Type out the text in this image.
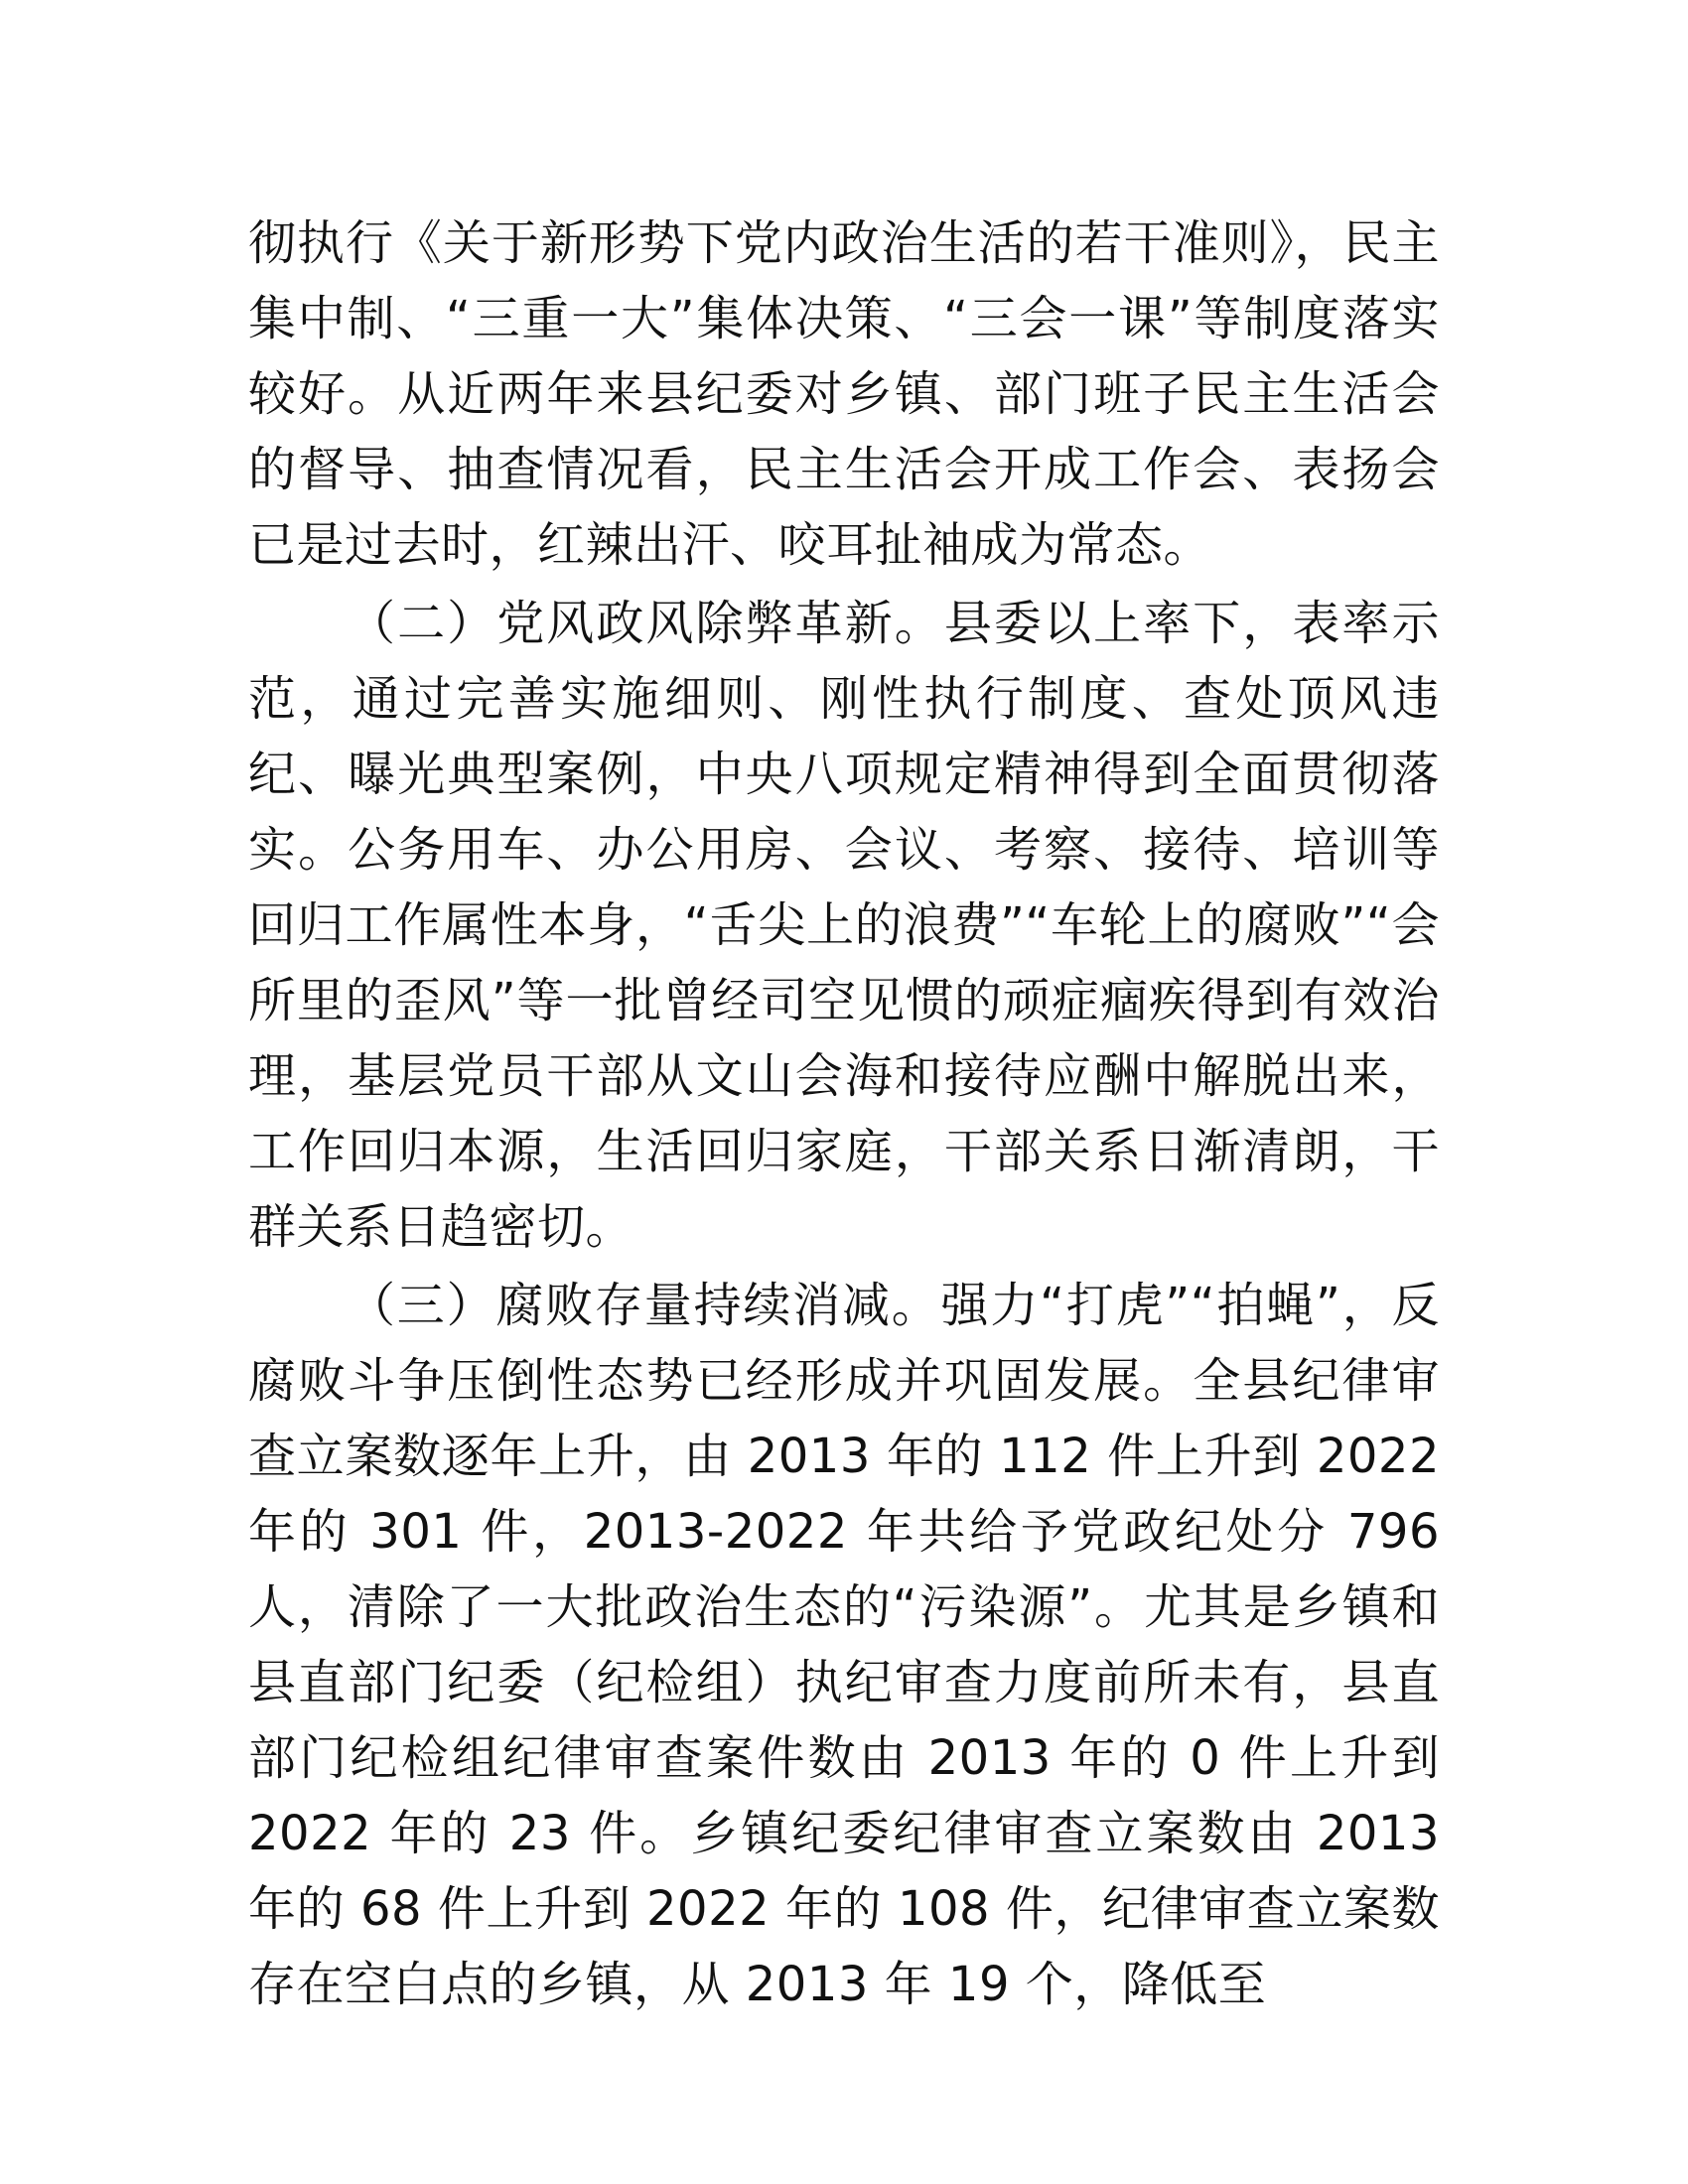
彻执行《关于新形势下党内政治生活的若干准则》，民主集中制、“三重一大”集体决策、“三会一课”等制度落实较好。从近两年来县纪委对乡镇、部门班子民主生活会的督导、抽查情况看，民主生活会开成工作会、表扬会已是过去时，红辣出汗、咬耳扯袖成为常态。

（二）党风政风除弊革新。县委以上率下，表率示范，通过完善实施细则、刚性执行制度、查处顶风违纪、曝光典型案例，中央八项规定精神得到全面贯彻落实。公务用车、办公用房、会议、考察、接待、培训等回归工作属性本身，“舌尖上的浪费”“车轮上的腐败”“会所里的歪风”等一批曾经司空见惯的顽症痼疾得到有效治理，基层党员干部从文山会海和接待应酬中解脱出来，工作回归本源，生活回归家庭，干部关系日渐清朗，干群关系日趋密切。

（三）腐败存量持续消减。强力“打虎”“拍蝇”，反腐败斗争压倒性态势已经形成并巩固发展。全县纪律审查立案数逐年上升，由 2013 年的 112 件上升到 2022 年的 301 件，2013-2022 年共给予党政纪处分 796 人，清除了一大批政治生态的“污染源”。尤其是乡镇和县直部门纪委（纪检组）执纪审查力度前所未有，县直部门纪检组纪律审查案件数由 2013 年的 0 件上升到 2022 年的 23 件。乡镇纪委纪律审查立案数由 2013 年的 68 件上升到 2022 年的 108 件，纪律审查立案数存在空白点的乡镇，从 2013 年 19 个，降低至
